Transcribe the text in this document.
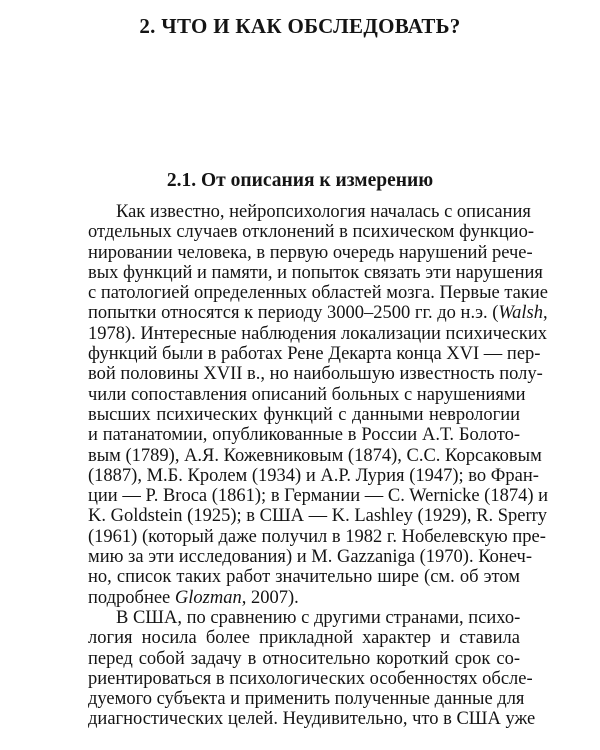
2. ЧТО И КАК ОБСЛЕДОВАТЬ?
2.1. От описания к измерению
Как известно, нейропсихология началась с описания
отдельных случаев отклонений в психическом функцио-
нировании человека, в первую очередь нарушений рече-
вых функций и памяти, и попыток связать эти нарушения
с патологией определенных областей мозга. Первые такие
попытки относятся к периоду 3000–2500 гг. до н.э. (Walsh,
1978). Интересные наблюдения локализации психических
функций были в работах Рене Декарта конца XVI — пер-
вой половины XVII в., но наибольшую известность полу-
чили сопоставления описаний больных с нарушениями
высших психических функций с данными неврологии
и патанатомии, опубликованные в России А.Т. Болото-
вым (1789), А.Я. Кожевниковым (1874), С.С. Корсаковым
(1887), М.Б. Кролем (1934) и А.Р. Лурия (1947); во Фран-
ции — P. Broca (1861); в Германии — C. Wernicke (1874) и
K. Goldstein (1925); в США — K. Lashley (1929), R. Sperry
(1961) (который даже получил в 1982 г. Нобелевскую пре-
мию за эти исследования) и M. Gazzaniga (1970). Конеч-
но, список таких работ значительно шире (см. об этом
подробнее Glozman, 2007).
В США, по сравнению с другими странами, психо-
логия носила более прикладной характер и ставила
перед собой задачу в относительно короткий срок со-
риентироваться в психологических особенностях обсле-
дуемого субъекта и применить полученные данные для
диагностических целей. Неудивительно, что в США уже
